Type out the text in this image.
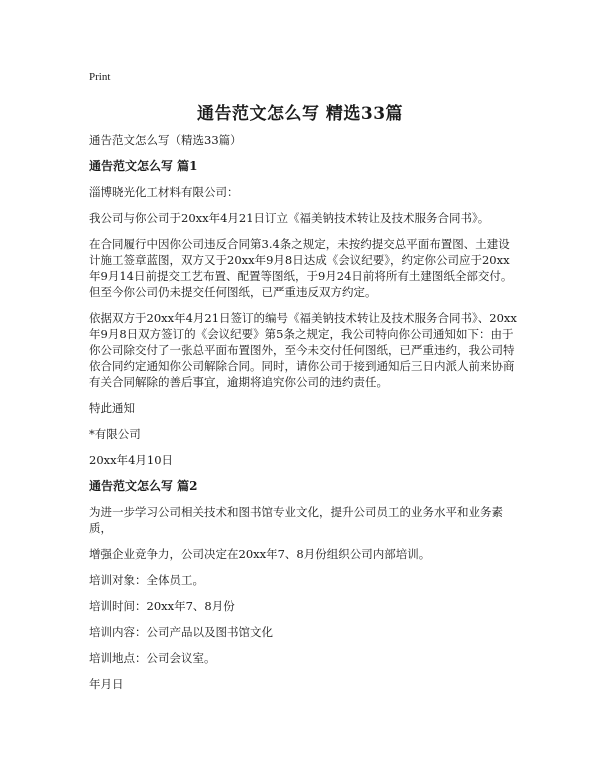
Print
通告范文怎么写 精选33篇
通告范文怎么写（精选33篇）
通告范文怎么写 篇1
淄博晓光化工材料有限公司：
我公司与你公司于20xx年4月21日订立《福美钠技术转让及技术服务合同书》。
在合同履行中因你公司违反合同第3.4条之规定，未按约提交总平面布置图、土建设计施工签章蓝图，双方又于20xx年9月8日达成《会议纪要》，约定你公司应于20xx年9月14日前提交工艺布置、配置等图纸，于9月24日前将所有土建图纸全部交付。但至今你公司仍未提交任何图纸，已严重违反双方约定。
依据双方于20xx年4月21日签订的编号《福美钠技术转让及技术服务合同书》、20xx年9月8日双方签订的《会议纪要》第5条之规定，我公司特向你公司通知如下：由于你公司除交付了一张总平面布置图外，至今未交付任何图纸，已严重违约，我公司特依合同约定通知你公司解除合同。同时，请你公司于接到通知后三日内派人前来协商有关合同解除的善后事宜，逾期将追究你公司的违约责任。
特此通知
*有限公司
20xx年4月10日
通告范文怎么写 篇2
为进一步学习公司相关技术和图书馆专业文化，提升公司员工的业务水平和业务素质，
增强企业竞争力，公司决定在20xx年7、8月份组织公司内部培训。
培训对象：全体员工。
培训时间：20xx年7、8月份
培训内容：公司产品以及图书馆文化
培训地点：公司会议室。
年月日
